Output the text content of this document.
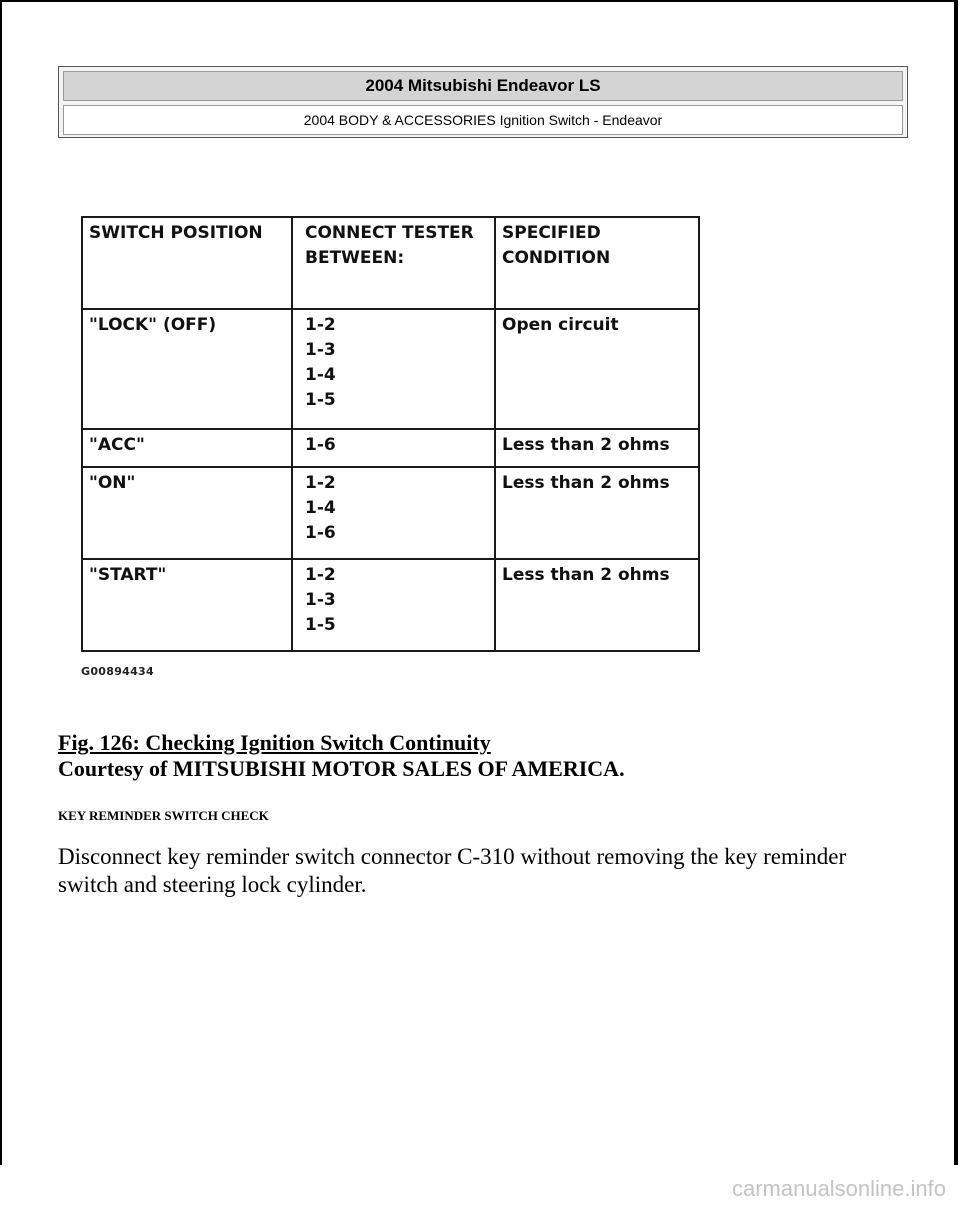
2004 Mitsubishi Endeavor LS
2004 BODY & ACCESSORIES Ignition Switch - Endeavor
SWITCH POSITION	CONNECT TESTER BETWEEN:	SPECIFIED CONDITION
"LOCK" (OFF)	1-2
1-3
1-4
1-5	Open circuit
"ACC"	1-6	Less than 2 ohms
"ON"	1-2
1-4
1-6	Less than 2 ohms
"START"	1-2
1-3
1-5	Less than 2 ohms
G00894434
Fig. 126: Checking Ignition Switch Continuity
Courtesy of MITSUBISHI MOTOR SALES OF AMERICA.
KEY REMINDER SWITCH CHECK
Disconnect key reminder switch connector C-310 without removing the key reminder switch and steering lock cylinder.
carmanualsonline.info
